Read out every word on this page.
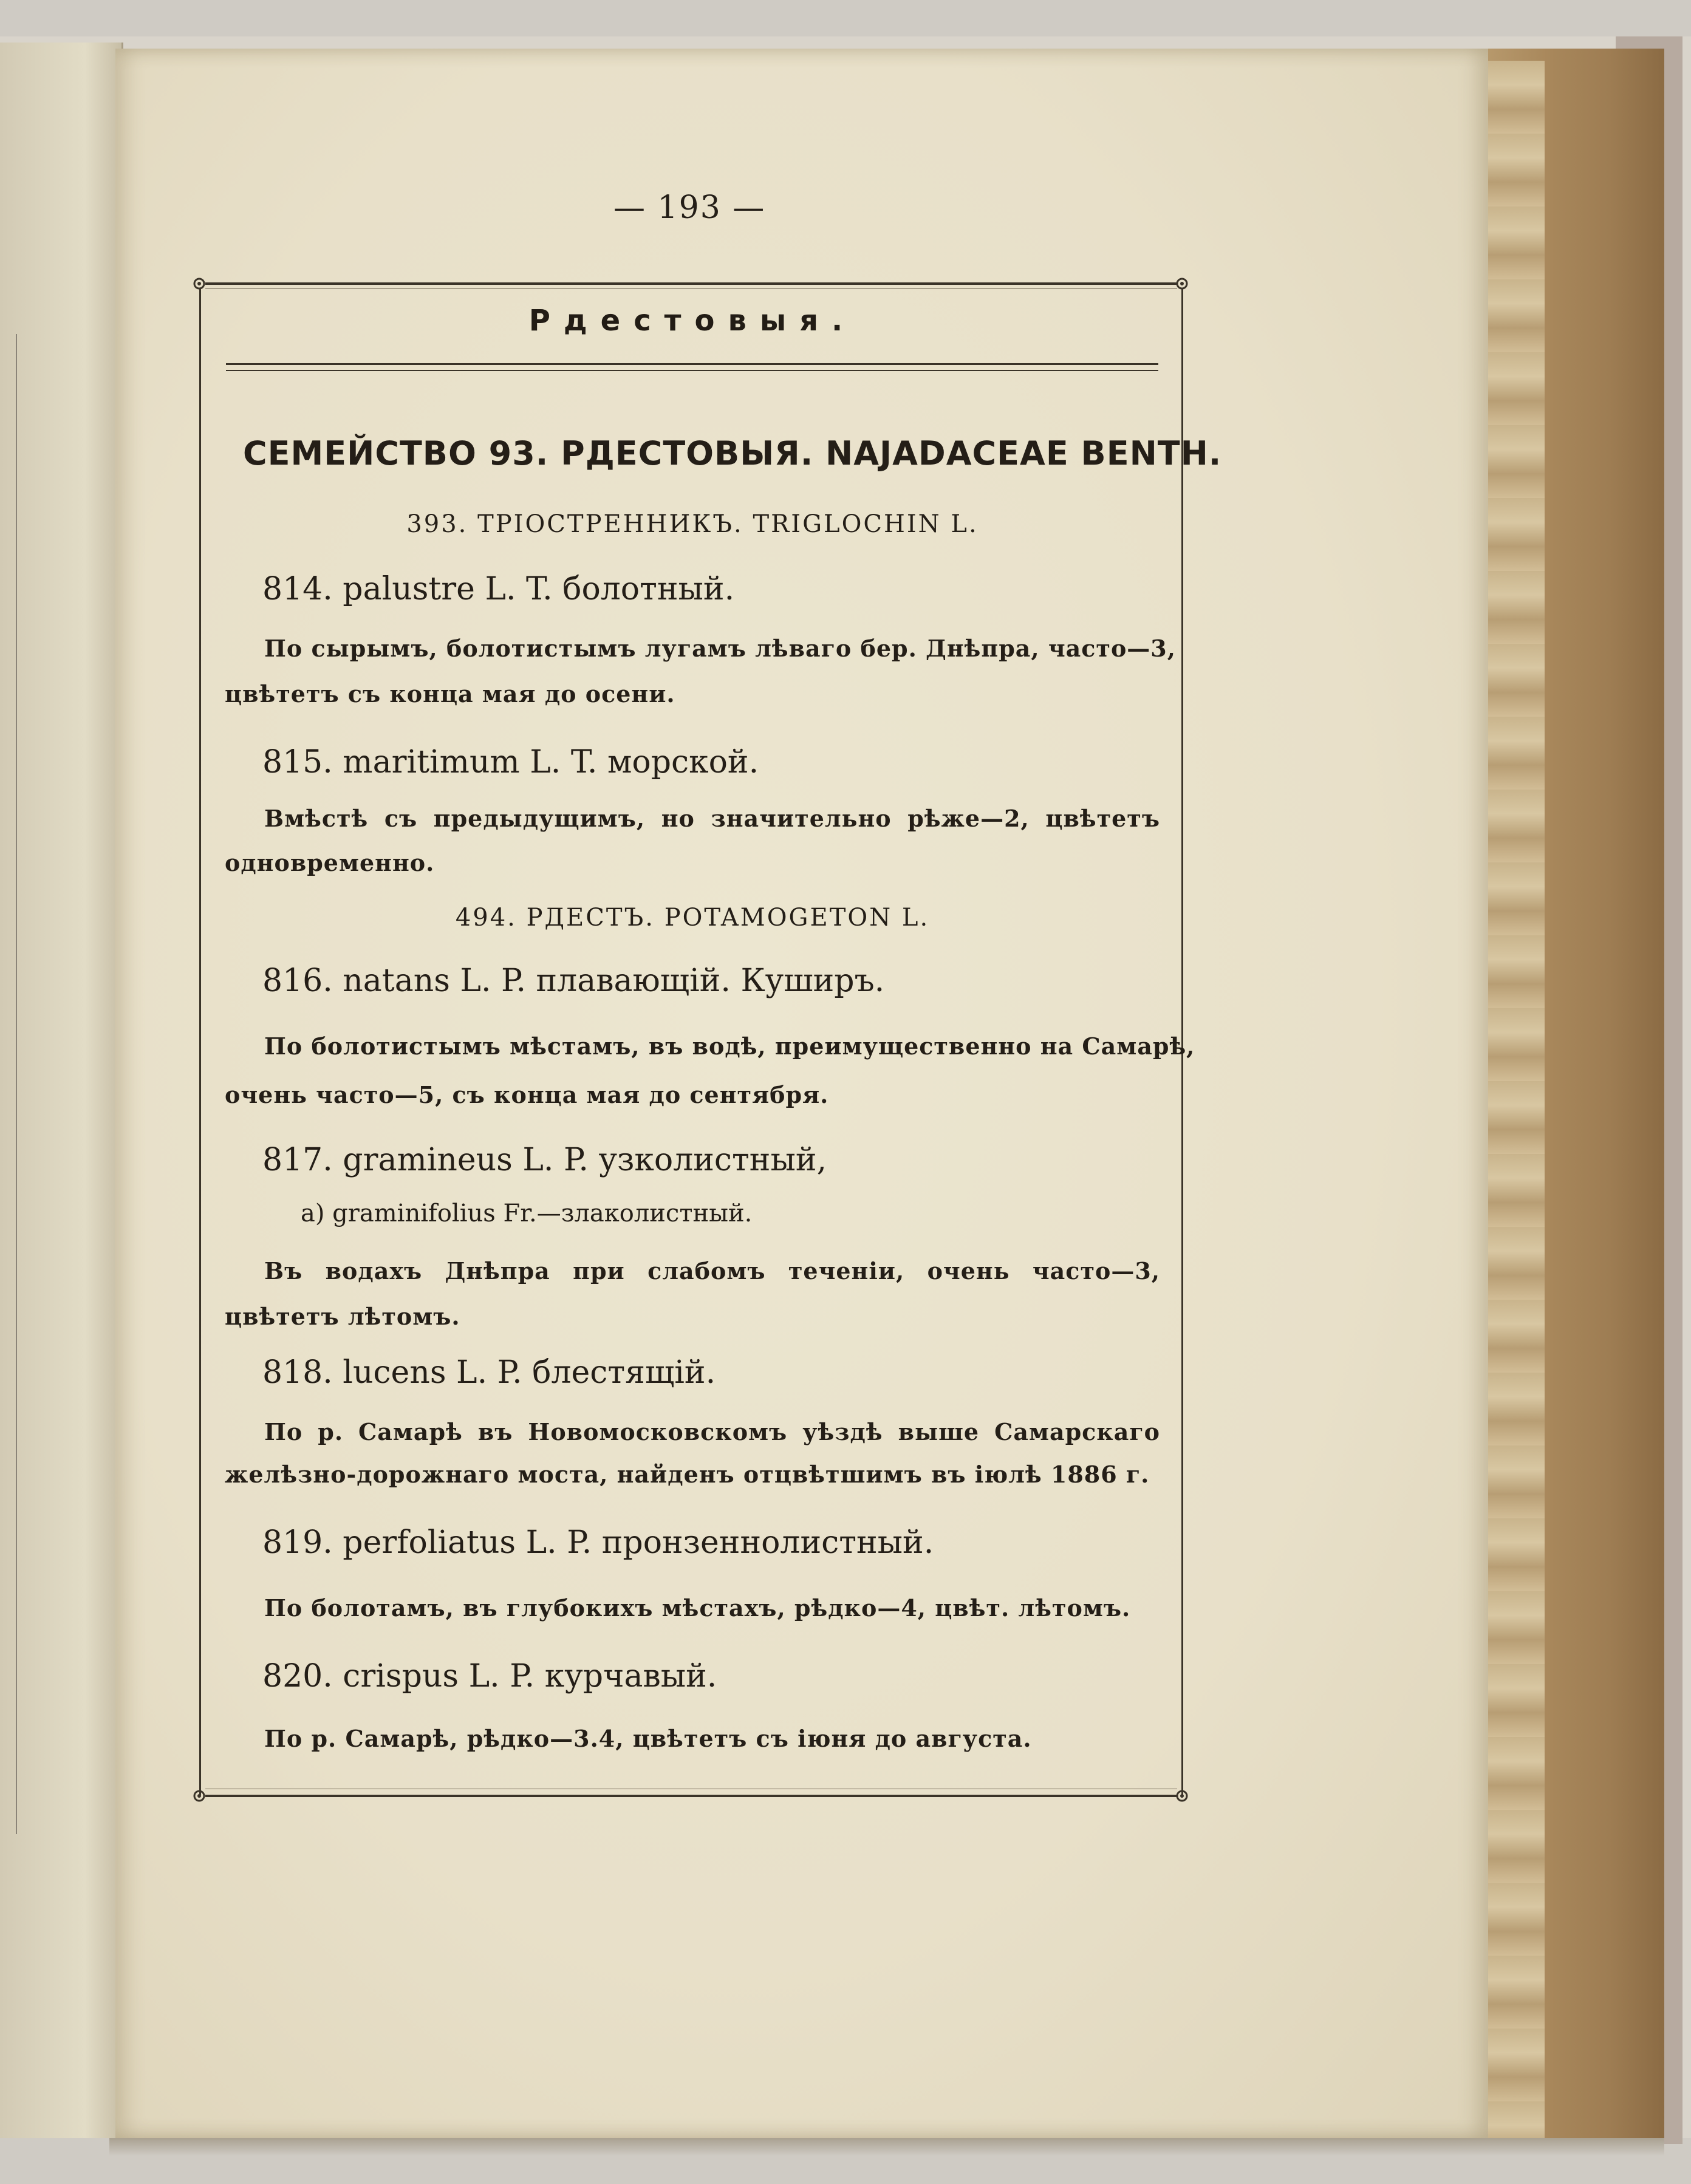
— 193 —
Рдестовыя.
СЕМЕЙСТВО 93. РДЕСТОВЫЯ. NAJADACEAE BENTH.
393. ТРІОСТРЕННИКЪ. TRIGLOCHIN L.
814. palustre L. T. болотный.
По сырымъ, болотистымъ лугамъ лѣваго бер. Днѣпра, часто—3,
цвѣтетъ съ конца мая до осени.
815. maritimum L. T. морской.
Вмѣстѣ съ предыдущимъ, но значительно рѣже—2, цвѣтетъ
одновременно.
494. РДЕСТЪ. POTAMOGETON L.
816. natans L. P. плавающій. Куширъ.
По болотистымъ мѣстамъ, въ водѣ, преимущественно на Самарѣ,
очень часто—5, съ конца мая до сентября.
817. gramineus L. P. узколистный,
a) graminifolius Fr.—злаколистный.
Въ водахъ Днѣпра при слабомъ теченіи, очень часто—3,
цвѣтетъ лѣтомъ.
818. lucens L. P. блестящій.
По р. Самарѣ въ Новомосковскомъ уѣздѣ выше Самарскаго
желѣзно-дорожнаго моста, найденъ отцвѣтшимъ въ іюлѣ 1886 г.
819. perfoliatus L. P. пронзеннолистный.
По болотамъ, въ глубокихъ мѣстахъ, рѣдко—4, цвѣт. лѣтомъ.
820. crispus L. P. курчавый.
По р. Самарѣ, рѣдко—3.4, цвѣтетъ съ іюня до августа.
